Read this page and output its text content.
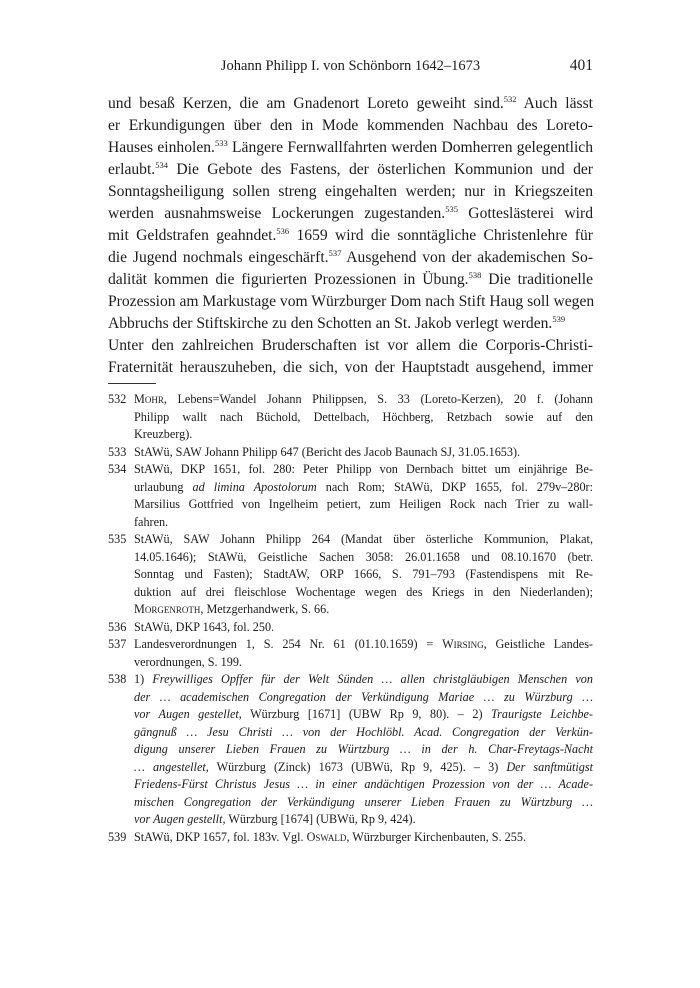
Johann Philipp I. von Schönborn 1642–1673	401
und besaß Kerzen, die am Gnadenort Loreto geweiht sind.$^{532}$ Auch lässt
er Erkundigungen über den in Mode kommenden Nachbau des Loreto-
Hauses einholen.$^{533}$ Längere Fernwallfahrten werden Domherren gelegentlich
erlaubt.$^{534}$ Die Gebote des Fastens, der österlichen Kommunion und der
Sonntagsheiligung sollen streng eingehalten werden; nur in Kriegszeiten
werden ausnahmsweise Lockerungen zugestanden.$^{535}$ Gotteslästerei wird
mit Geldstrafen geahndet.$^{536}$ 1659 wird die sonntägliche Christenlehre für
die Jugend nochmals eingeschärft.$^{537}$ Ausgehend von der akademischen So-
dalität kommen die figurierten Prozessionen in Übung.$^{538}$ Die traditionelle
Prozession am Markustage vom Würzburger Dom nach Stift Haug soll wegen
Abbruchs der Stiftskirche zu den Schotten an St. Jakob verlegt werden.$^{539}$
Unter den zahlreichen Bruderschaften ist vor allem die Corporis-Christi-
Fraternität herauszuheben, die sich, von der Hauptstadt ausgehend, immer
532 Mohr, Lebens=Wandel Johann Philippsen, S. 33 (Loreto-Kerzen), 20 f. (Johann
Philipp wallt nach Büchold, Dettelbach, Höchberg, Retzbach sowie auf den
Kreuzberg).
533 StAWü, SAW Johann Philipp 647 (Bericht des Jacob Baunach SJ, 31.05.1653).
534 StAWü, DKP 1651, fol. 280: Peter Philipp von Dernbach bittet um einjährige Be-
urlaubung ad limina Apostolorum nach Rom; StAWü, DKP 1655, fol. 279v–280r:
Marsilius Gottfried von Ingelheim petiert, zum Heiligen Rock nach Trier zu wall-
fahren.
535 StAWü, SAW Johann Philipp 264 (Mandat über österliche Kommunion, Plakat,
14.05.1646); StAWü, Geistliche Sachen 3058: 26.01.1658 und 08.10.1670 (betr.
Sonntag und Fasten); StadtAW, ORP 1666, S. 791–793 (Fastendispens mit Re-
duktion auf drei fleischlose Wochentage wegen des Kriegs in den Niederlanden);
Morgenroth, Metzgerhandwerk, S. 66.
536 StAWü, DKP 1643, fol. 250.
537 Landesverordnungen 1, S. 254 Nr. 61 (01.10.1659) = Wirsing, Geistliche Landes-
verordnungen, S. 199.
538 1) Freywilliges Opffer für der Welt Sünden … allen christgläubigen Menschen von
der … academischen Congregation der Verkündigung Mariae … zu Würzburg …
vor Augen gestellet, Würzburg [1671] (UBW Rp 9, 80). – 2) Traurigste Leichbe-
gängnuß … Jesu Christi … von der Hochlöbl. Acad. Congregation der Verkün-
digung unserer Lieben Frauen zu Würtzburg … in der h. Char-Freytags-Nacht
… angestellet, Würzburg (Zinck) 1673 (UBWü, Rp 9, 425). – 3) Der sanftmütigst
Friedens-Fürst Christus Jesus … in einer andächtigen Prozession von der … Acade-
mischen Congregation der Verkündigung unserer Lieben Frauen zu Würtzburg …
vor Augen gestellt, Würzburg [1674] (UBWü, Rp 9, 424).
539 StAWü, DKP 1657, fol. 183v. Vgl. Oswald, Würzburger Kirchenbauten, S. 255.
